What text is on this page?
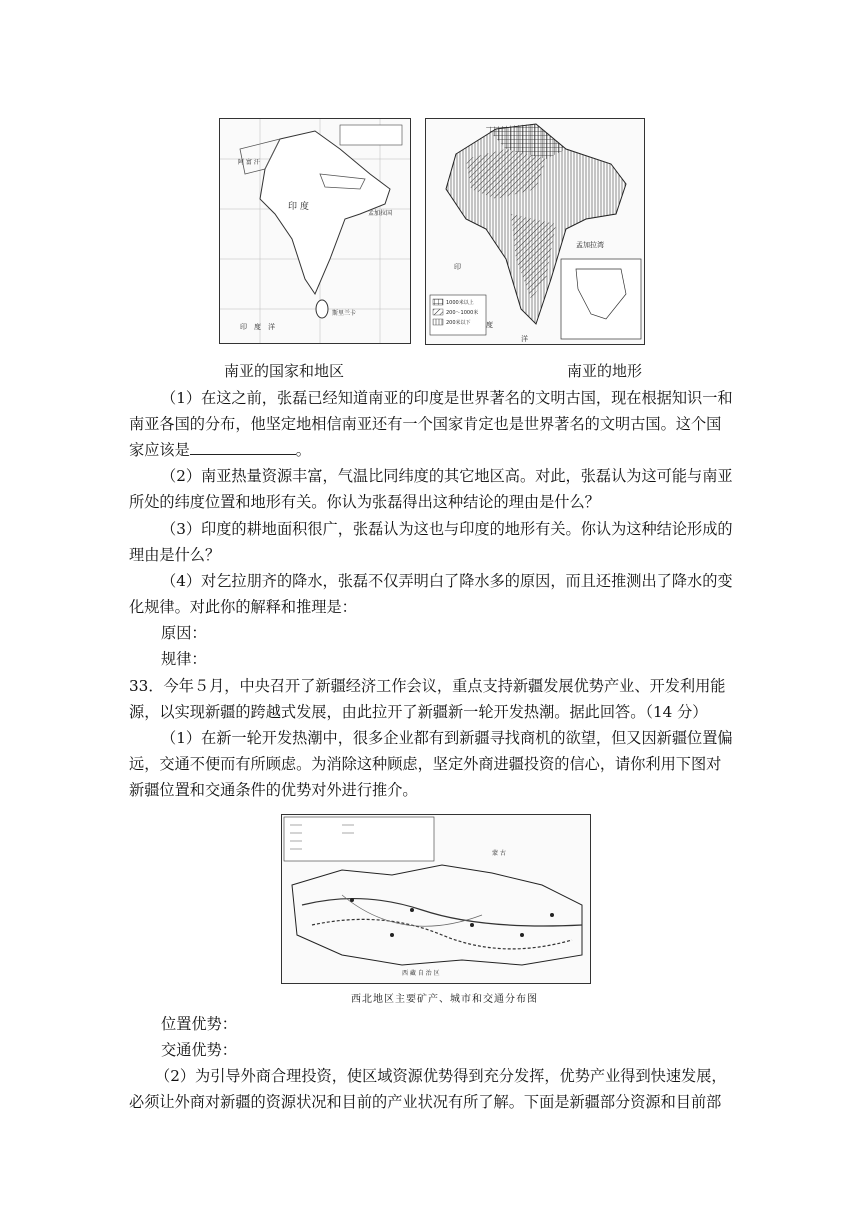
印 度
阿 富 汗
孟加拉国
斯里兰卡
印　度　洋
1000米以上
200～1000米
200米以下
印
度
洋
孟加拉湾
南亚的国家和地区	南亚的地形
（1）在这之前，张磊已经知道南亚的印度是世界著名的文明古国，现在根据知识一和
南亚各国的分布，他坚定地相信南亚还有一个国家肯定也是世界著名的文明古国。这个国
家应该是	。
（2）南亚热量资源丰富，气温比同纬度的其它地区高。对此，张磊认为这可能与南亚
所处的纬度位置和地形有关。你认为张磊得出这种结论的理由是什么？
（3）印度的耕地面积很广，张磊认为这也与印度的地形有关。你认为这种结论形成的
理由是什么？
（4）对乞拉朋齐的降水，张磊不仅弄明白了降水多的原因，而且还推测出了降水的变
化规律。对此你的解释和推理是：
原因：
规律：
33．今年５月，中央召开了新疆经济工作会议，重点支持新疆发展优势产业、开发利用能
源，以实现新疆的跨越式发展，由此拉开了新疆新一轮开发热潮。据此回答。（14 分）
（1）在新一轮开发热潮中，很多企业都有到新疆寻找商机的欲望，但又因新疆位置偏
远，交通不便而有所顾虑。为消除这种顾虑，坚定外商进疆投资的信心，请你利用下图对
新疆位置和交通条件的优势对外进行推介。
蒙 古
西 藏 自 治 区
西北地区主要矿产、城市和交通分布图
位置优势：
交通优势：
（2）为引导外商合理投资，使区域资源优势得到充分发挥，优势产业得到快速发展，
必须让外商对新疆的资源状况和目前的产业状况有所了解。下面是新疆部分资源和目前部
